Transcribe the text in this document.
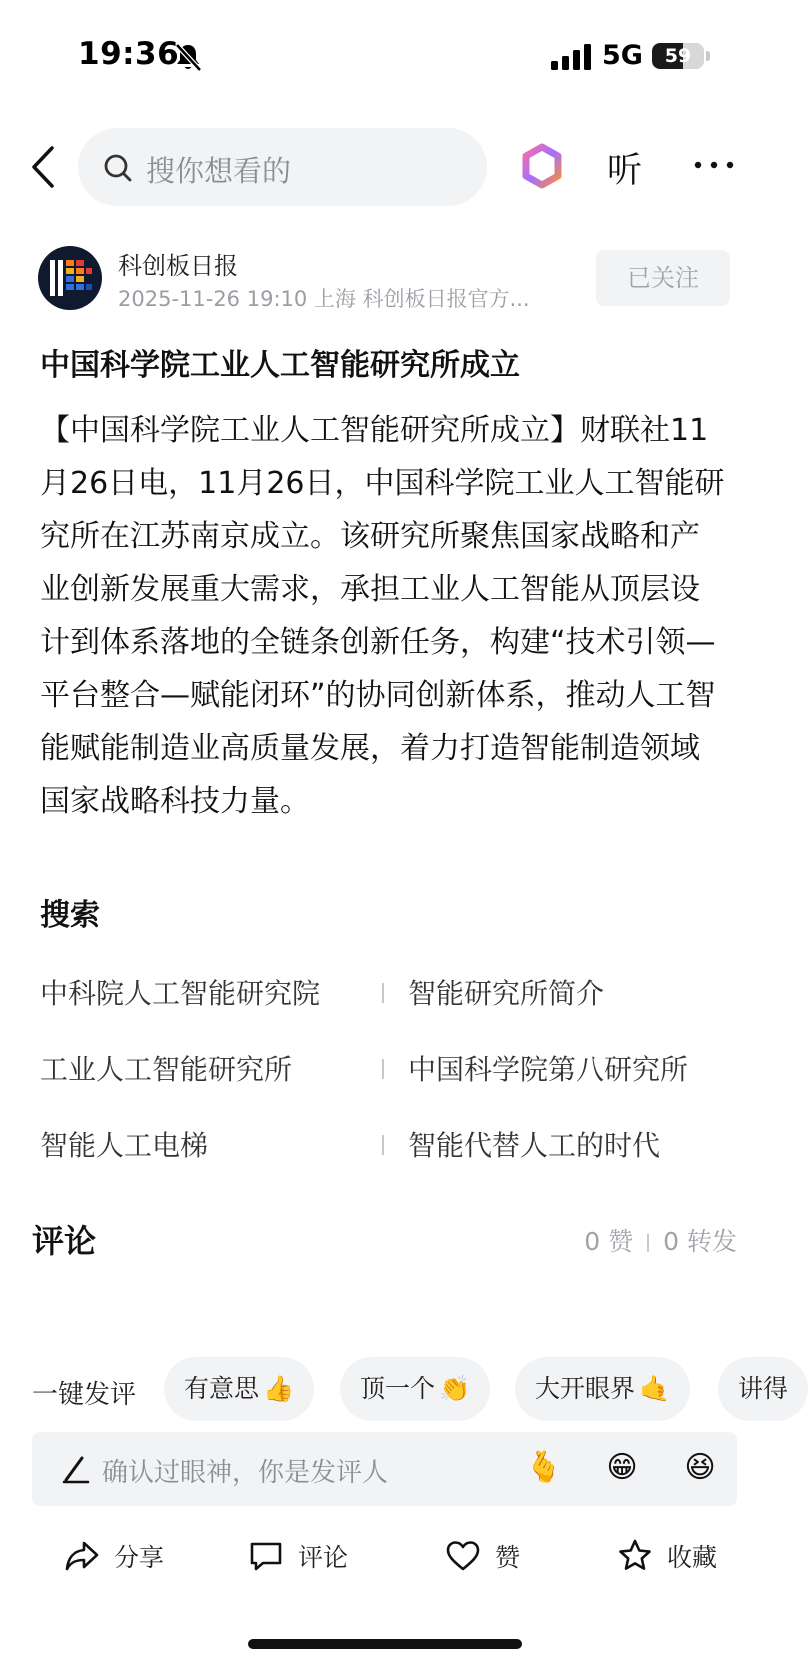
19:36	5G	59
搜你想看的	听
科创板日报
2025-11-26 19:10 上海 科创板日报官方...
已关注
中国科学院工业人工智能研究所成立
【中国科学院工业人工智能研究所成立】财联社11月26日电，11月26日，中国科学院工业人工智能研究所在江苏南京成立。该研究所聚焦国家战略和产业创新发展重大需求，承担工业人工智能从顶层设计到体系落地的全链条创新任务，构建“技术引领—平台整合—赋能闭环”的协同创新体系，推动人工智能赋能制造业高质量发展，着力打造智能制造领域国家战略科技力量。
搜索
中科院人工智能研究院	智能研究所简介
工业人工智能研究所	中国科学院第八研究所
智能人工电梯	智能代替人工的时代
评论	0 赞 0 转发
一键发评	有意思 👍	顶一个 👏	大开眼界 🤙	讲得
确认过眼神，你是发评人	🫰 😁 😆
分享	评论	赞	收藏
